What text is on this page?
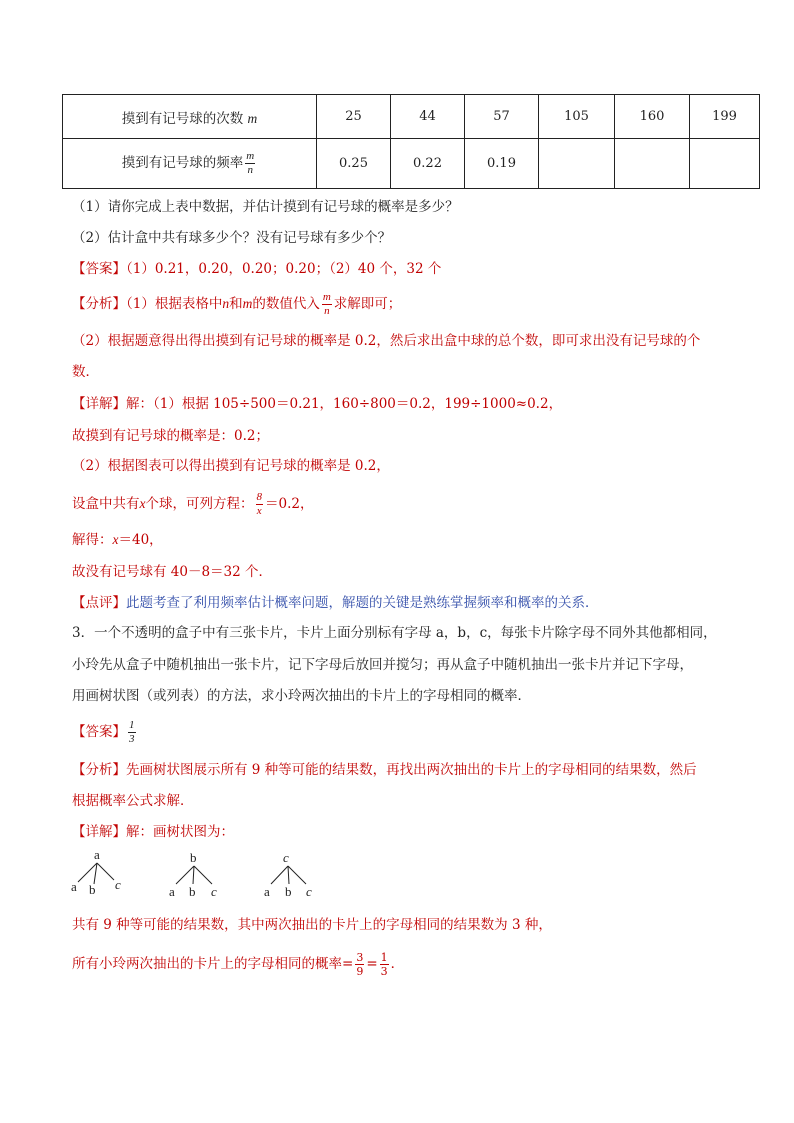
摸到有记号球的次数 m	25	44	57	105	160	199
摸到有记号球的频率 $\frac{m}{n}$	0.25	0.22	0.19			
（1）请你完成上表中数据，并估计摸到有记号球的概率是多少？
（2）估计盒中共有球多少个？没有记号球有多少个？
【答案】（1）0.21，0.20，0.20；0.20；（2）40 个，32 个
【分析】（1）根据表格中n和m的数值代入 $\frac{m}{n}$ 求解即可；
（2）根据题意得出得出摸到有记号球的概率是 0.2，然后求出盒中球的总个数，即可求出没有记号球的个
数．
【详解】解：（1）根据 105÷500＝0.21，160÷800＝0.2，199÷1000≈0.2，
故摸到有记号球的概率是：0.2；
（2）根据图表可以得出摸到有记号球的概率是 0.2，
设盒中共有x个球，可列方程： $\frac{8}{x} =0.2$，
解得：x＝40，
故没有记号球有 40－8＝32 个．
【点评】此题考查了利用频率估计概率问题，解题的关键是熟练掌握频率和概率的关系．
3．一个不透明的盒子中有三张卡片，卡片上面分别标有字母 a，b，c，每张卡片除字母不同外其他都相同，
小玲先从盒子中随机抽出一张卡片，记下字母后放回并搅匀；再从盒子中随机抽出一张卡片并记下字母，
用画树状图（或列表）的方法，求小玲两次抽出的卡片上的字母相同的概率．
【答案】 $\frac{1}{3}$
【分析】先画树状图展示所有 9 种等可能的结果数，再找出两次抽出的卡片上的字母相同的结果数，然后
根据概率公式求解．
【详解】解：画树状图为：
a
a b c
b
a b c
c
a b c
共有 9 种等可能的结果数，其中两次抽出的卡片上的字母相同的结果数为 3 种，
所有小玲两次抽出的卡片上的字母相同的概率= $\frac{3}{9} = \frac{1}{3}$ ．
